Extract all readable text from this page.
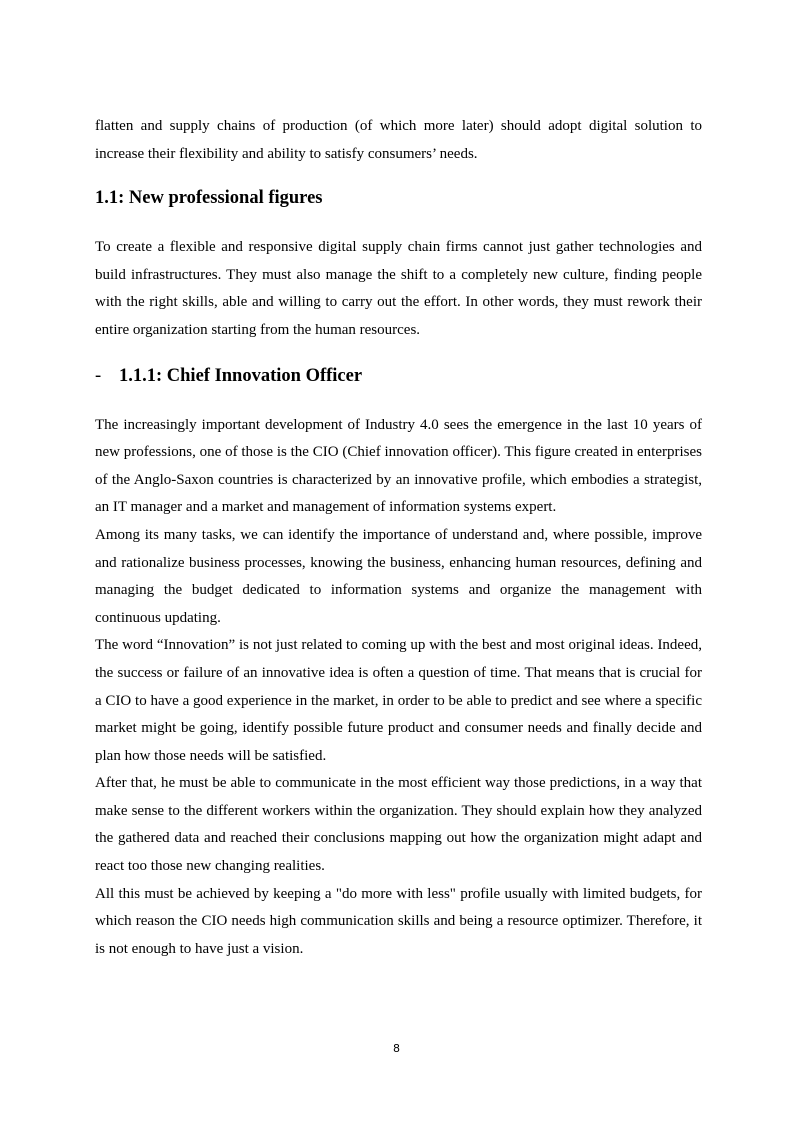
flatten and supply chains of production (of which more later) should adopt digital solution to increase their flexibility and ability to satisfy consumers’ needs.

1.1: New professional figures

To create a flexible and responsive digital supply chain firms cannot just gather technologies and build infrastructures. They must also manage the shift to a completely new culture, finding people with the right skills, able and willing to carry out the effort. In other words, they must rework their entire organization starting from the human resources.

- 1.1.1: Chief Innovation Officer

The increasingly important development of Industry 4.0 sees the emergence in the last 10 years of new professions, one of those is the CIO (Chief innovation officer). This figure created in enterprises of the Anglo-Saxon countries is characterized by an innovative profile, which embodies a strategist, an IT manager and a market and management of information systems expert.

Among its many tasks, we can identify the importance of understand and, where possible, improve and rationalize business processes, knowing the business, enhancing human resources, defining and managing the budget dedicated to information systems and organize the management with continuous updating.

The word “Innovation” is not just related to coming up with the best and most original ideas. Indeed, the success or failure of an innovative idea is often a question of time. That means that is crucial for a CIO to have a good experience in the market, in order to be able to predict and see where a specific market might be going, identify possible future product and consumer needs and finally decide and plan how those needs will be satisfied.

After that, he must be able to communicate in the most efficient way those predictions, in a way that make sense to the different workers within the organization. They should explain how they analyzed the gathered data and reached their conclusions mapping out how the organization might adapt and react too those new changing realities.

All this must be achieved by keeping a "do more with less" profile usually with limited budgets, for which reason the CIO needs high communication skills and being a resource optimizer. Therefore, it is not enough to have just a vision.

8
